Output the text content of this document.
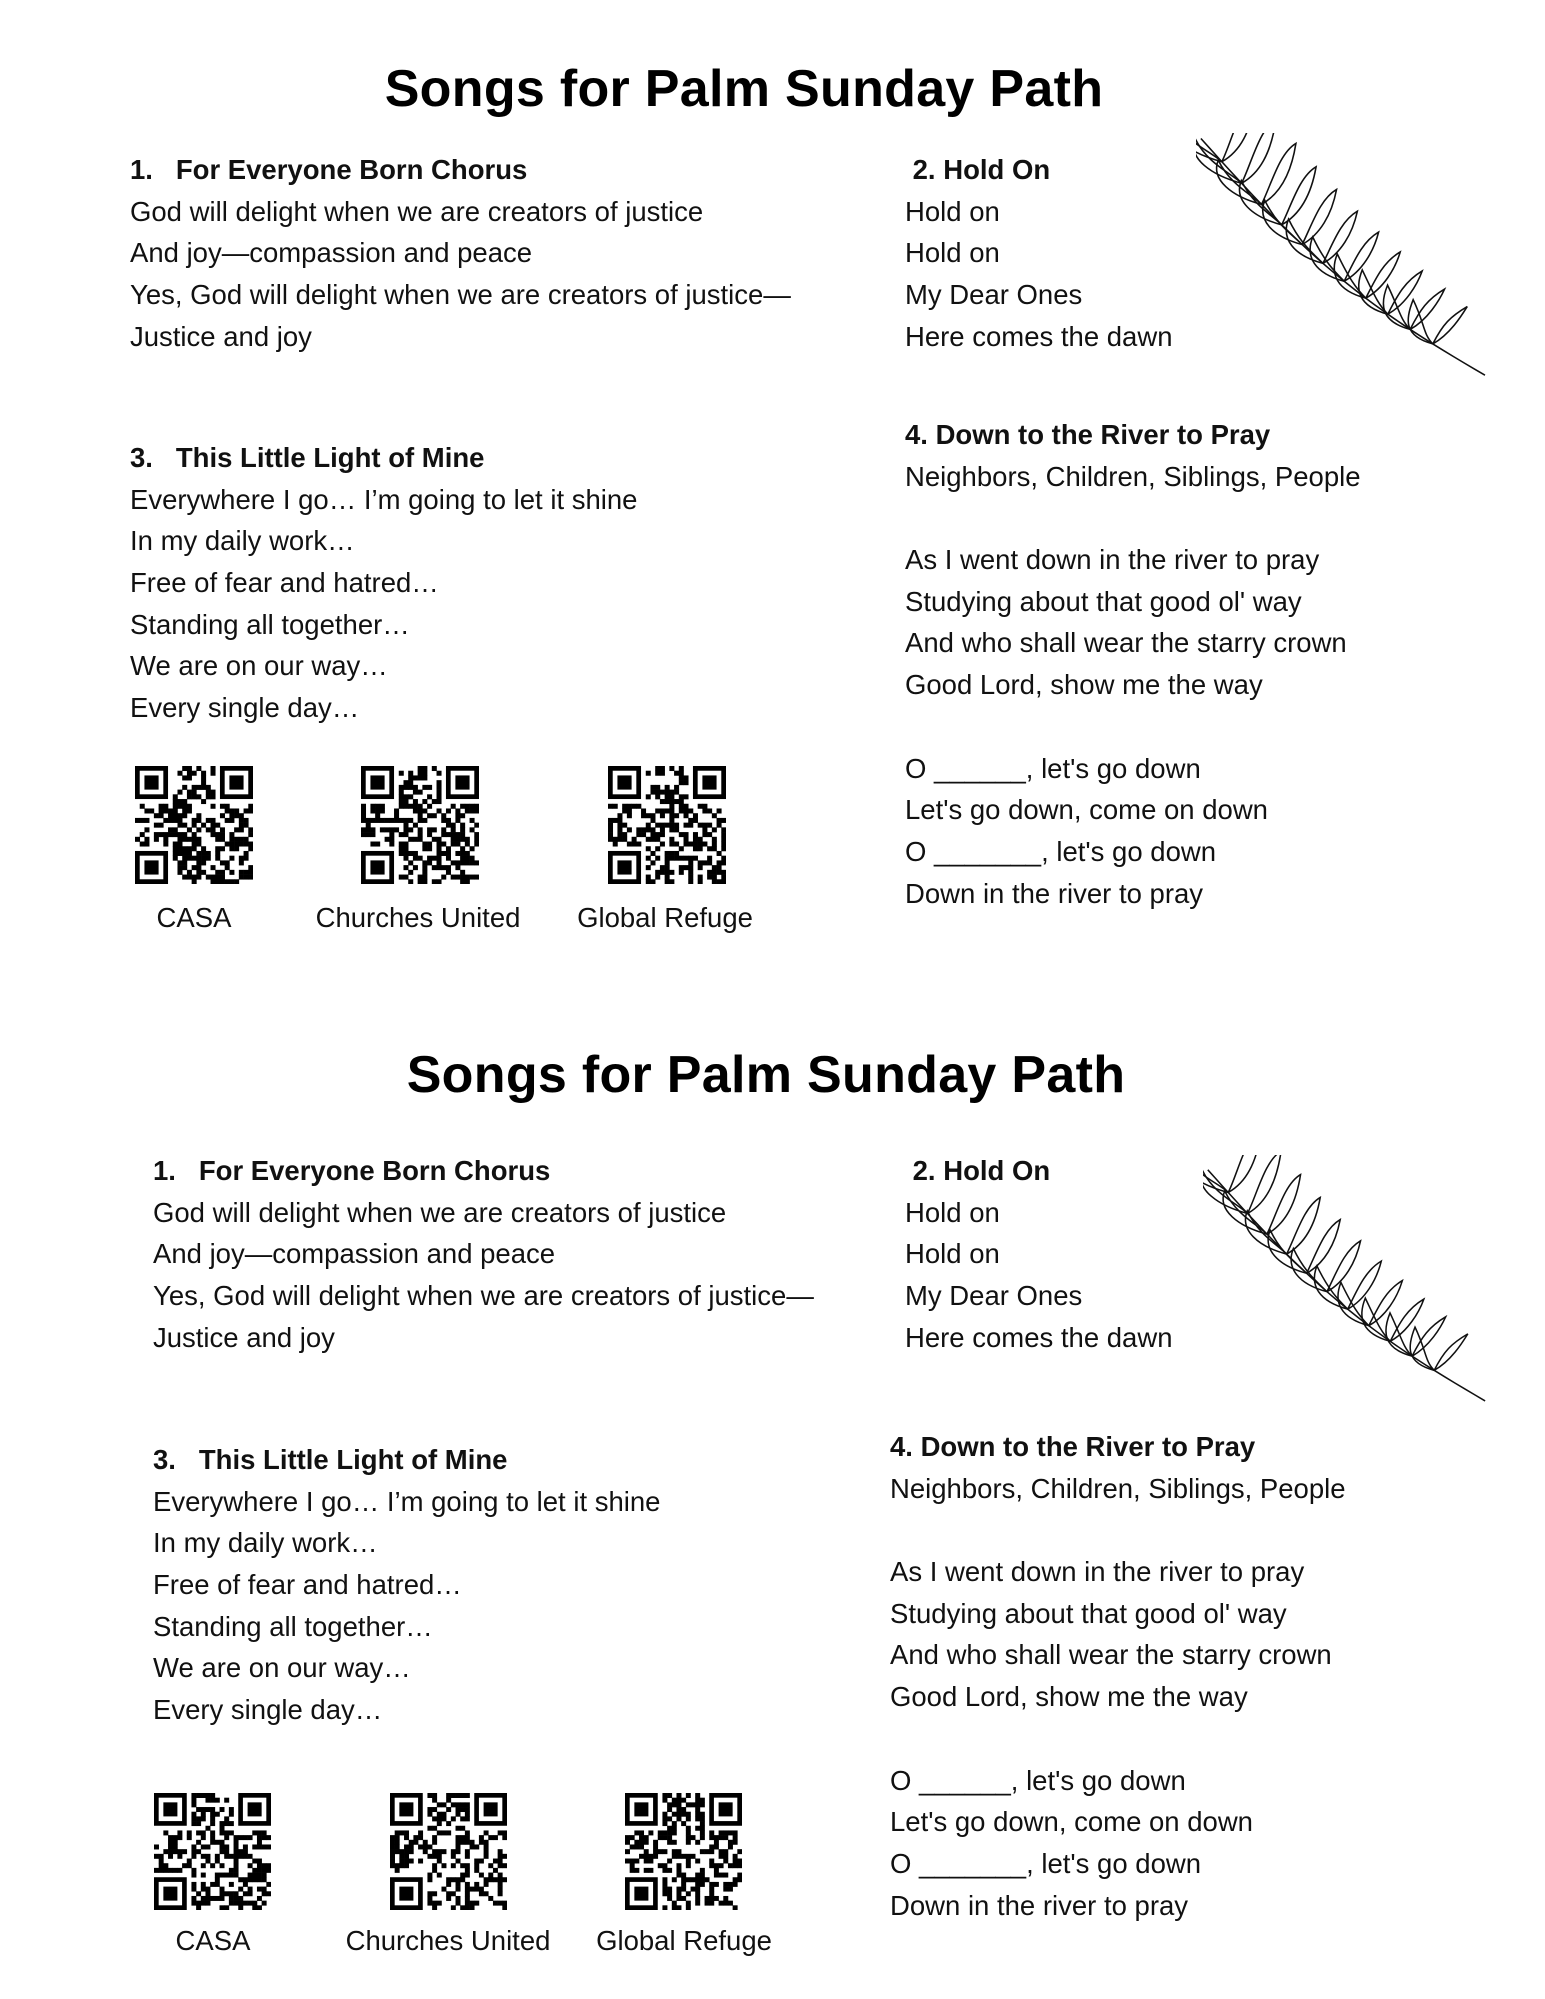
Songs for Palm Sunday Path
1.   For Everyone Born Chorus
God will delight when we are creators of justice
And joy—compassion and peace
Yes, God will delight when we are creators of justice—
Justice and joy
2. Hold On
Hold on
Hold on
My Dear Ones
Here comes the dawn
3.   This Little Light of Mine
Everywhere I go… I’m going to let it shine
In my daily work…
Free of fear and hatred…
Standing all together…
We are on our way…
Every single day…
4. Down to the River to Pray
Neighbors, Children, Siblings, People
As I went down in the river to pray
Studying about that good ol' way
And who shall wear the starry crown
Good Lord, show me the way
O ______, let's go down
Let's go down, come on down
O _______, let's go down
Down in the river to pray
CASA	Churches United Global Refuge
Songs for Palm Sunday Path
1.   For Everyone Born Chorus
God will delight when we are creators of justice
And joy—compassion and peace
Yes, God will delight when we are creators of justice—
Justice and joy
2. Hold On
Hold on
Hold on
My Dear Ones
Here comes the dawn
3.   This Little Light of Mine
Everywhere I go… I’m going to let it shine
In my daily work…
Free of fear and hatred…
Standing all together…
We are on our way…
Every single day…
4. Down to the River to Pray
Neighbors, Children, Siblings, People
As I went down in the river to pray
Studying about that good ol' way
And who shall wear the starry crown
Good Lord, show me the way
O ______, let's go down
Let's go down, come on down
O _______, let's go down
Down in the river to pray
CASA	Churches United Global Refuge
